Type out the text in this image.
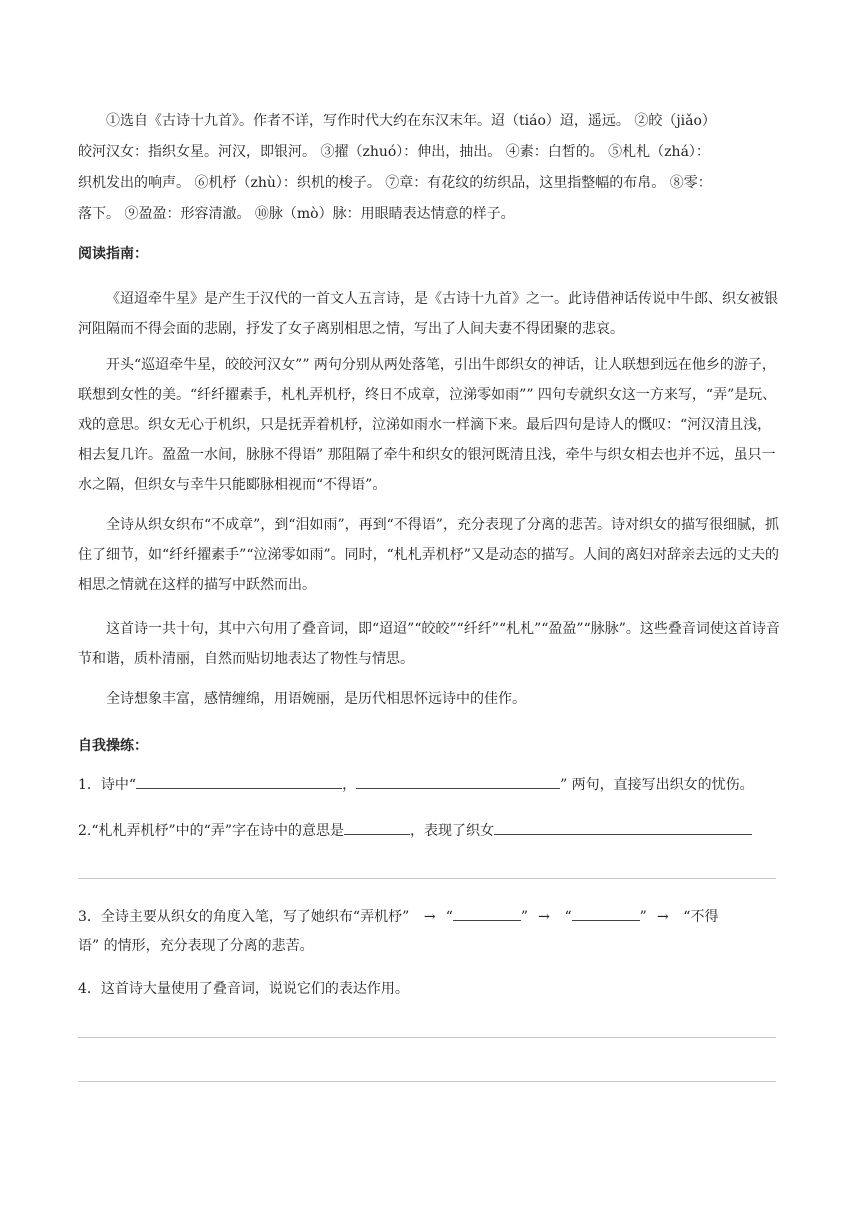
①选自《古诗十九首》。作者不详，写作时代大约在东汉末年。迢（tiáo）迢，遥远。 ②皎（jiǎo）
皎河汉女：指织女星。河汉，即银河。 ③擢（zhuó）：伸出，抽出。 ④素：白皙的。 ⑤札札（zhá）：
织机发出的响声。 ⑥机杼（zhù）：织机的梭子。 ⑦章：有花纹的纺织品，这里指整幅的布帛。 ⑧零：
落下。 ⑨盈盈：形容清澈。 ⑩脉（mò）脉：用眼睛表达情意的样子。
阅读指南：
《迢迢牵牛星》是产生于汉代的一首文人五言诗，是《古诗十九首》之一。此诗借神话传说中牛郎、织女被银河阻隔而不得会面的悲剧，抒发了女子离别相思之情，写出了人间夫妻不得团聚的悲哀。
开头“巡迢牵牛星，皎皎河汉女”” 两句分别从两处落笔，引出牛郎织女的神话，让人联想到远在他乡的游子，联想到女性的美。“纤纤擢素手，札札弄机杼，终日不成章，泣涕零如雨”” 四句专就织女这一方来写，“弄”是玩、戏的意思。织女无心于机织，只是抚弄着机杼，泣涕如雨水一样滴下来。最后四句是诗人的慨叹：“河汉清且浅，相去复几许。盈盈一水间，脉脉不得语” 那阻隔了牵牛和织女的银河既清且浅，牵牛与织女相去也并不远，虽只一水之隔，但织女与幸牛只能郾脉相视而“不得语”。
全诗从织女织布“不成章”，到“泪如雨”，再到“不得语”，充分表现了分离的悲苦。诗对织女的描写很细腻，抓住了细节，如“纤纤擢素手”“泣涕零如雨”。同时，“札札弄机杼”又是动态的描写。人间的离妇对辞亲去远的丈夫的相思之情就在这样的描写中跃然而出。
这首诗一共十句，其中六句用了叠音词，即“迢迢”“皎皎”“纤纤”“札札”“盈盈”“脉脉”。这些叠音词使这首诗音节和谐，质朴清丽，自然而贴切地表达了物性与情思。
全诗想象丰富，感情缠绵，用语婉丽，是历代相思怀远诗中的佳作。
自我操练：
1．诗中“	，	” 两句，直接写出织女的忧伤。
2.“札札弄机杼”中的“弄”字在诗中的意思是	，表现了织女
3．全诗主要从织女的角度入笔，写了她织布“弄机杼” → “	” → “	” → “不得
语” 的情形，充分表现了分离的悲苦。
4．这首诗大量使用了叠音词，说说它们的表达作用。
